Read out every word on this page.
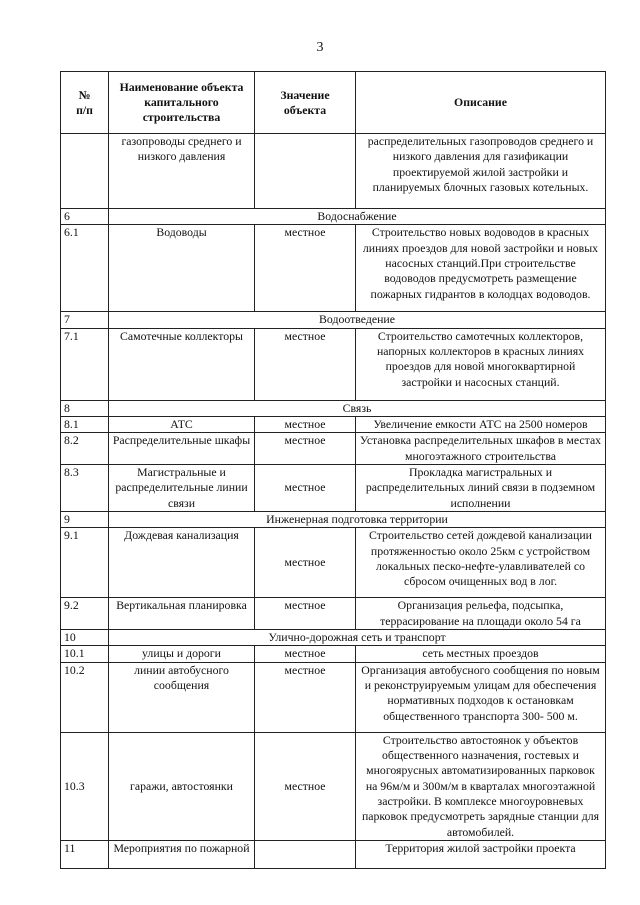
3
№
п/п	Наименование объекта капитального строительства	Значение объекта	Описание
	газопроводы среднего и низкого давления		распределительных газопроводов среднего и низкого давления для газификации проектируемой жилой застройки и планируемых блочных газовых котельных.
6	Водоснабжение		
6.1	Водоводы	местное	Строительство новых водоводов в красных линиях проездов для новой застройки и новых насосных станций.При строительстве водоводов предусмотреть размещение пожарных гидрантов в колодцах водоводов.
7	Водоотведение		
7.1	Самотечные коллекторы	местное	Строительство самотечных коллекторов, напорных коллекторов в красных линиях проездов для новой многоквартирной застройки и насосных станций.
8	Связь		
8.1	АТС	местное	Увеличение емкости АТС на 2500 номеров
8.2	Распределительные шкафы	местное	Установка распределительных шкафов в местах многоэтажного строительства
8.3	Магистральные и распределительные линии связи	местное	Прокладка магистральных и распределительных линий связи в подземном исполнении
9	Инженерная подготовка территории		
9.1	Дождевая канализация	местное	Строительство сетей дождевой канализации протяженностью около 25км с устройством локальных песко-нефте-улавливателей со сбросом очищенных вод в лог.
9.2	Вертикальная планировка	местное	Организация рельефа, подсыпка, террасирование на площади около 54 га
10	Улично-дорожная сеть и транспорт		
10.1	улицы и дороги	местное	сеть местных проездов
10.2	линии автобусного сообщения	местное	Организация автобусного сообщения по новым и реконструируемым улицам для обеспечения нормативных подходов к остановкам общественного транспорта 300- 500 м.
10.3	гаражи, автостоянки	местное	Строительство автостоянок у объектов общественного назначения, гостевых и многоярусных автоматизированных парковок на 96м/м и 300м/м в кварталах многоэтажной застройки. В комплексе многоуровневых парковок предусмотреть зарядные станции для автомобилей.
11	Мероприятия по пожарной		Территория жилой застройки проекта
